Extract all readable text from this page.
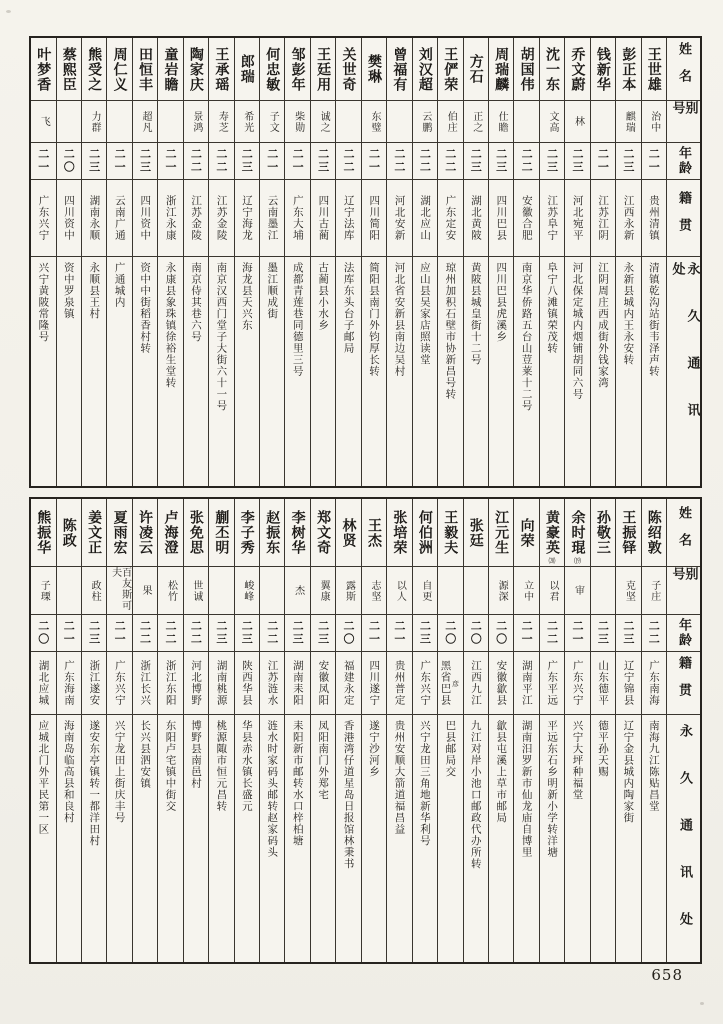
姓名
别号
年龄
籍贯
永久通讯处
王世雄
治中
二一
贵州清镇
清镇乾沟站街韦泽声转
彭正本
麒瑞
二三
江西永新
永新县城内王永安转
钱新华
二一
江苏江阴
江阴周庄西成街外钱家湾
乔文蔚
林
二三
河北宛平
河北保定城内烟铺胡同六号
沈一东
文高
二三
江苏阜宁
阜宁八滩镇荣茂转
胡国伟
二二
安徽合肥
南京华侨路五台山荳莱十二号
周瑞麟
仕瞻
二三
四川巴县
四川巴县虎溪乡
方石
正之
二三
湖北黄陂
黄陂县城皇街十二号
王俨荣
伯庄
二二
广东定安
琼州加积石壁市协新昌号转
刘汉超
云鹏
二二
湖北应山
应山县吴家店照读堂
曾福有
二二
河北安新
河北省安新县南边吴村
樊琳
东璧
二一
四川简阳
简阳县南门外钧厚长转
关世奇
二二
辽宁法库
法库东头台子邮局
王廷用
诚之
二三
四川古蔺
古蔺县小水乡
邹彭年
柴勋
二一
广东大埔
成都青莲巷同德里三号
何忠敏
子文
二一
云南墨江
墨江顺成街
郎瑞
希光
二三
辽宁海龙
海龙县天兴东
王承瑶
寿芝
二二
江苏金陵
南京汉西门堂子大街六十一号
陶家庆
景鸿
二二
江苏金陵
南京侍其巷六号
童岩瞻
二一
浙江永康
永康县象珠镇徐裕生堂转
田恒丰
超凡
二三
四川资中
资中中街稻香村转
周仁义
二一
云南广通
广通城内
熊受之
力群
二三
湖南永顺
永顺县王村
蔡熙臣
二〇
四川资中
资中罗泉镇
叶梦香
飞
二一
广东兴宁
兴宁黄陂常隆号
姓名
别号
年龄
籍贯
永久通讯处
陈绍敦
子庄
二二
广东南海
南海九江陈贴昌堂
王振铎
克坚
二三
辽宁锦县
辽宁金县城内陶家街
孙敬三
二三
山东德平
德平孙天赐
余时琨
⒆
审
二一
广东兴宁
兴宁大坪种福堂
黄豪英
⒇
以君
二二
广东平远
平远东石乡明新小学转洋塘
向荣
立中
二一
湖南平江
湖南汨罗新市仙龙庙自博里
江元生
源深
二〇
安徽歙县
歙县屯溪上草市邮局
张廷
二〇
江西九江
九江对岸小池口邮政代办所转
王毅夫
二〇
黑省巴县 彦
巴县邮局交
何伯洲
自更
二三
广东兴宁
兴宁龙田三角地新华利号
张培荣
以人
二一
贵州普定
贵州安顺大箭道福昌益
王杰
志坚
二一
四川遂宁
遂宁沙河乡
林贤
露斯
二〇
福建永定
香港湾仔道星岛日报馆林秉书
郑文奇
翼康
二三
安徽凤阳
凤阳南门外郑宅
李树华
杰
二三
湖南耒阳
耒阳新市邮转水口梓柏塘
赵振东
二二
江苏涟水
涟水时家码头邮转赵家码头
李子秀
峻峰
二三
陕西华县
华县赤水镇长盛元
蒯丕明
二三
湖南桃源
桃源陬市恒元昌转
张免思
世诚
二二
河北博野
博野县南邑村
卢海澄
松竹
二二
浙江东阳
东阳卢宅镇中街交
许凌云
果
二二
浙江长兴
长兴县泗安镇
夏雨宏
百友斯可夫
二一
广东兴宁
兴宁龙田上街庆丰号
姜文正
政柱
二三
浙江遂安
遂安东亭镇转一都洋田村
陈政
二一
广东海南
海南岛临高县和良村
熊振华
子瑮
二〇
湖北应城
应城北门外平民第一区
658
